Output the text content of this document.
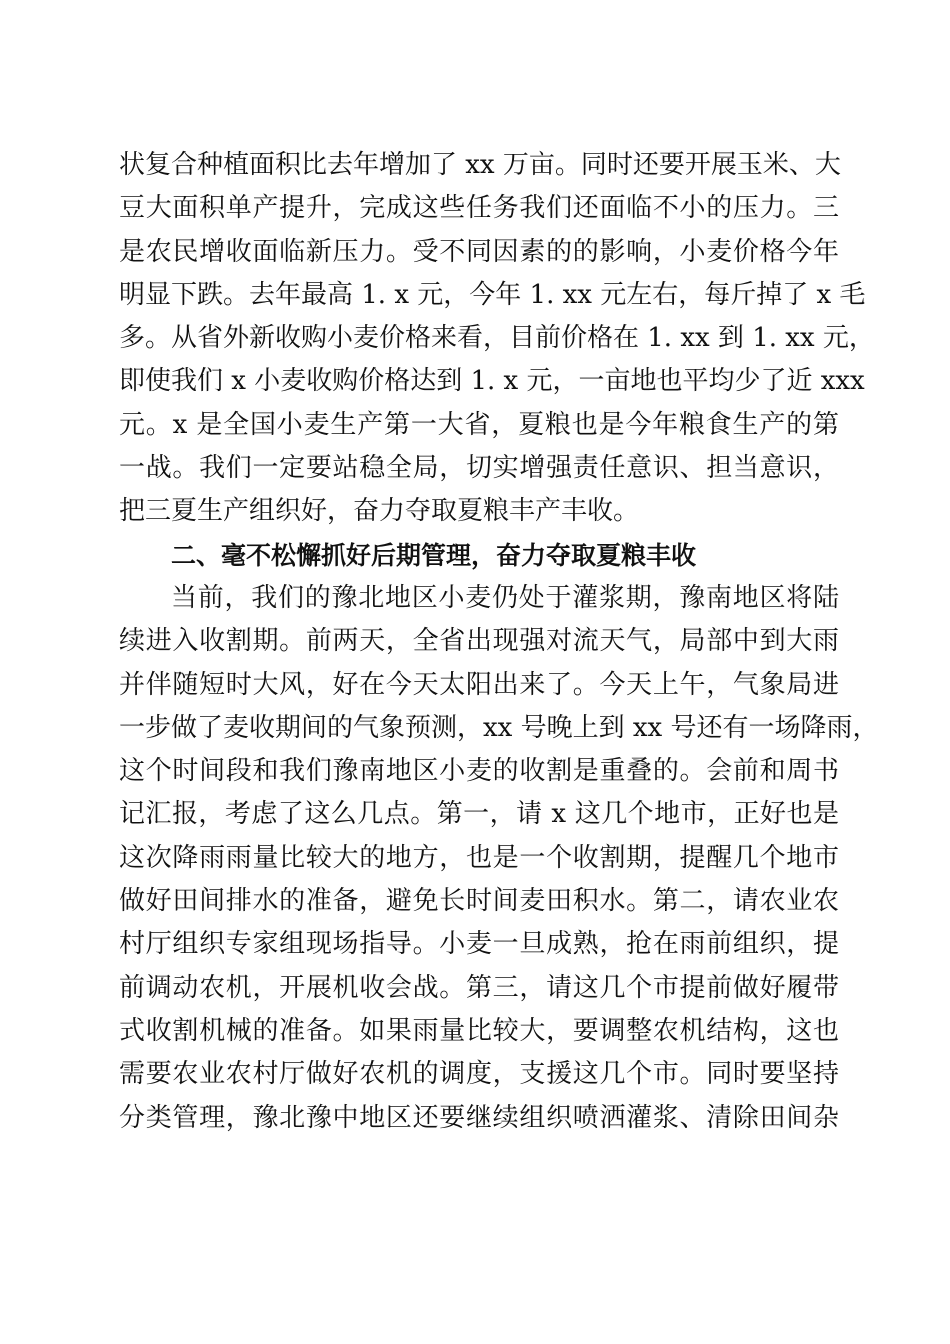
状复合种植面积比去年增加了 xx 万亩。同时还要开展玉米、大
豆大面积单产提升，完成这些任务我们还面临不小的压力。三
是农民增收面临新压力。受不同因素的的影响，小麦价格今年
明显下跌。去年最高 1. x 元，今年 1. xx 元左右，每斤掉了 x 毛
多。从省外新收购小麦价格来看，目前价格在 1. xx 到 1. xx 元，
即使我们 x 小麦收购价格达到 1. x 元，一亩地也平均少了近 xxx
元。x 是全国小麦生产第一大省，夏粮也是今年粮食生产的第
一战。我们一定要站稳全局，切实增强责任意识、担当意识，
把三夏生产组织好，奋力夺取夏粮丰产丰收。
二、毫不松懈抓好后期管理，奋力夺取夏粮丰收
当前，我们的豫北地区小麦仍处于灌浆期，豫南地区将陆
续进入收割期。前两天，全省出现强对流天气，局部中到大雨
并伴随短时大风，好在今天太阳出来了。今天上午，气象局进
一步做了麦收期间的气象预测，xx 号晚上到 xx 号还有一场降雨，
这个时间段和我们豫南地区小麦的收割是重叠的。会前和周书
记汇报，考虑了这么几点。第一，请 x 这几个地市，正好也是
这次降雨雨量比较大的地方，也是一个收割期，提醒几个地市
做好田间排水的准备，避免长时间麦田积水。第二，请农业农
村厅组织专家组现场指导。小麦一旦成熟，抢在雨前组织，提
前调动农机，开展机收会战。第三，请这几个市提前做好履带
式收割机械的准备。如果雨量比较大，要调整农机结构，这也
需要农业农村厅做好农机的调度，支援这几个市。同时要坚持
分类管理，豫北豫中地区还要继续组织喷洒灌浆、清除田间杂
